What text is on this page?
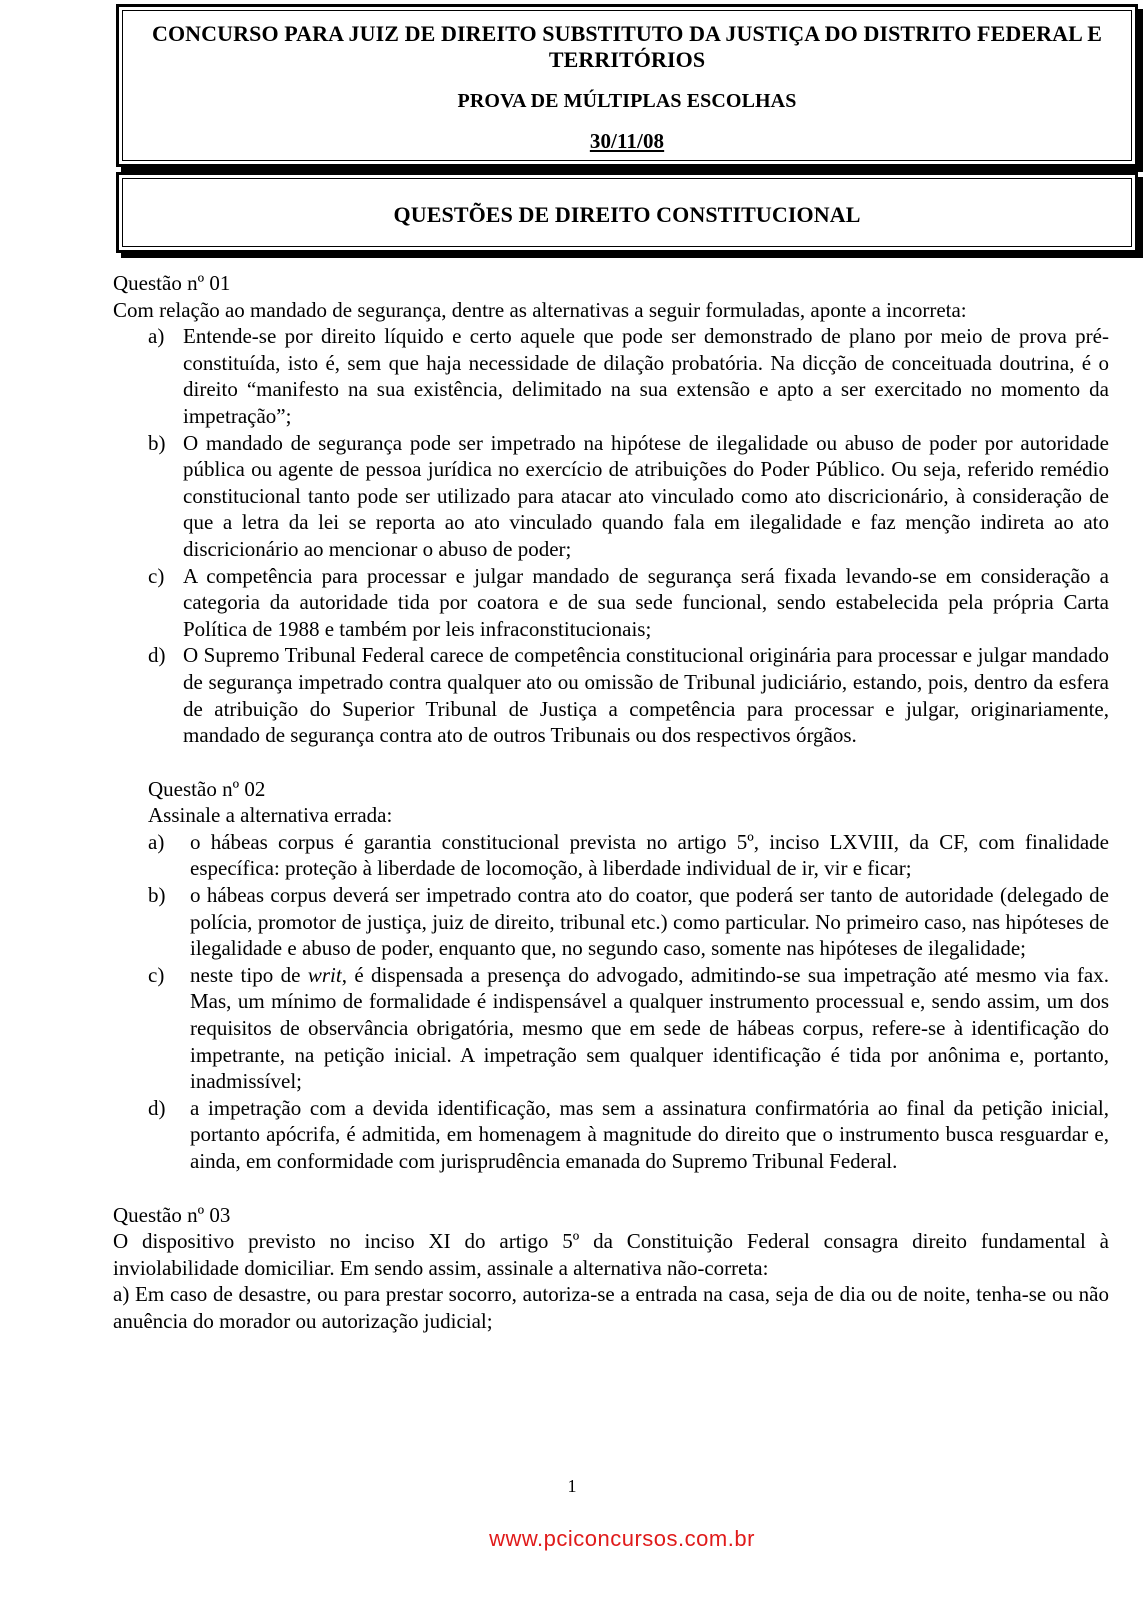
CONCURSO PARA JUIZ DE DIREITO SUBSTITUTO DA JUSTIÇA DO DISTRITO FEDERAL E TERRITÓRIOS
PROVA DE MÚLTIPLAS ESCOLHAS
30/11/08
QUESTÕES DE DIREITO CONSTITUCIONAL

Questão nº 01

Com relação ao mandado de segurança, dentre as alternativas a seguir formuladas, aponte a incorreta:

a) Entende-se por direito líquido e certo aquele que pode ser demonstrado de plano por meio de prova pré-constituída, isto é, sem que haja necessidade de dilação probatória. Na dicção de conceituada doutrina, é o direito “manifesto na sua existência, delimitado na sua extensão e apto a ser exercitado no momento da impetração”;
b) O mandado de segurança pode ser impetrado na hipótese de ilegalidade ou abuso de poder por autoridade pública ou agente de pessoa jurídica no exercício de atribuições do Poder Público. Ou seja, referido remédio constitucional tanto pode ser utilizado para atacar ato vinculado como ato discricionário, à consideração de que a letra da lei se reporta ao ato vinculado quando fala em ilegalidade e faz menção indireta ao ato discricionário ao mencionar o abuso de poder;
c) A competência para processar e julgar mandado de segurança será fixada levando-se em consideração a categoria da autoridade tida por coatora e de sua sede funcional, sendo estabelecida pela própria Carta Política de 1988 e também por leis infraconstitucionais;
d) O Supremo Tribunal Federal carece de competência constitucional originária para processar e julgar mandado de segurança impetrado contra qualquer ato ou omissão de Tribunal judiciário, estando, pois, dentro da esfera de atribuição do Superior Tribunal de Justiça a competência para processar e julgar, originariamente, mandado de segurança contra ato de outros Tribunais ou dos respectivos órgãos.

Questão nº 02

Assinale a alternativa errada:

a) o hábeas corpus é garantia constitucional prevista no artigo 5º, inciso LXVIII, da CF, com finalidade específica: proteção à liberdade de locomoção, à liberdade individual de ir, vir e ficar;
b) o hábeas corpus deverá ser impetrado contra ato do coator, que poderá ser tanto de autoridade (delegado de polícia, promotor de justiça, juiz de direito, tribunal etc.) como particular. No primeiro caso, nas hipóteses de ilegalidade e abuso de poder, enquanto que, no segundo caso, somente nas hipóteses de ilegalidade;
c) neste tipo de writ, é dispensada a presença do advogado, admitindo-se sua impetração até mesmo via fax. Mas, um mínimo de formalidade é indispensável a qualquer instrumento processual e, sendo assim, um dos requisitos de observância obrigatória, mesmo que em sede de hábeas corpus, refere-se à identificação do impetrante, na petição inicial. A impetração sem qualquer identificação é tida por anônima e, portanto, inadmissível;
d) a impetração com a devida identificação, mas sem a assinatura confirmatória ao final da petição inicial, portanto apócrifa, é admitida, em homenagem à magnitude do direito que o instrumento busca resguardar e, ainda, em conformidade com jurisprudência emanada do Supremo Tribunal Federal.

Questão nº 03

O dispositivo previsto no inciso XI do artigo 5º da Constituição Federal consagra direito fundamental à inviolabilidade domiciliar. Em sendo assim, assinale a alternativa não-correta:

a) Em caso de desastre, ou para prestar socorro, autoriza-se a entrada na casa, seja de dia ou de noite, tenha-se ou não anuência do morador ou autorização judicial;

1
www.pciconcursos.com.br
